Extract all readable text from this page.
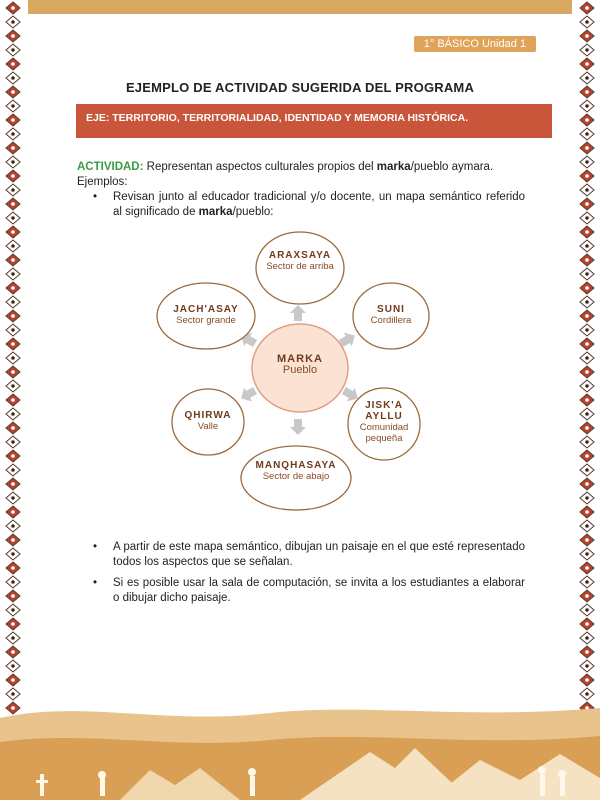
1° BÁSICO Unidad 1
EJEMPLO DE ACTIVIDAD SUGERIDA DEL PROGRAMA
EJE: TERRITORIO, TERRITORIALIDAD, IDENTIDAD Y MEMORIA HISTÓRICA.
ACTIVIDAD: Representan aspectos culturales propios del marka/pueblo aymara.
Ejemplos:
• Revisan junto al educador tradicional y/o docente, un mapa semántico referido al significado de marka/pueblo:
MARKA
Pueblo
ARAXSAYA
Sector de arriba
SUNI
Cordillera
JISK'A AYLLU
Comunidad pequeña
MANQHASAYA
Sector de abajo
QHIRWA
Valle
JACH'ASAY
Sector grande
• A partir de este mapa semántico, dibujan un paisaje en el que esté representado todos los aspectos que se señalan.
• Si es posible usar la sala de computación, se invita a los estudiantes a elaborar o dibujar dicho paisaje.
